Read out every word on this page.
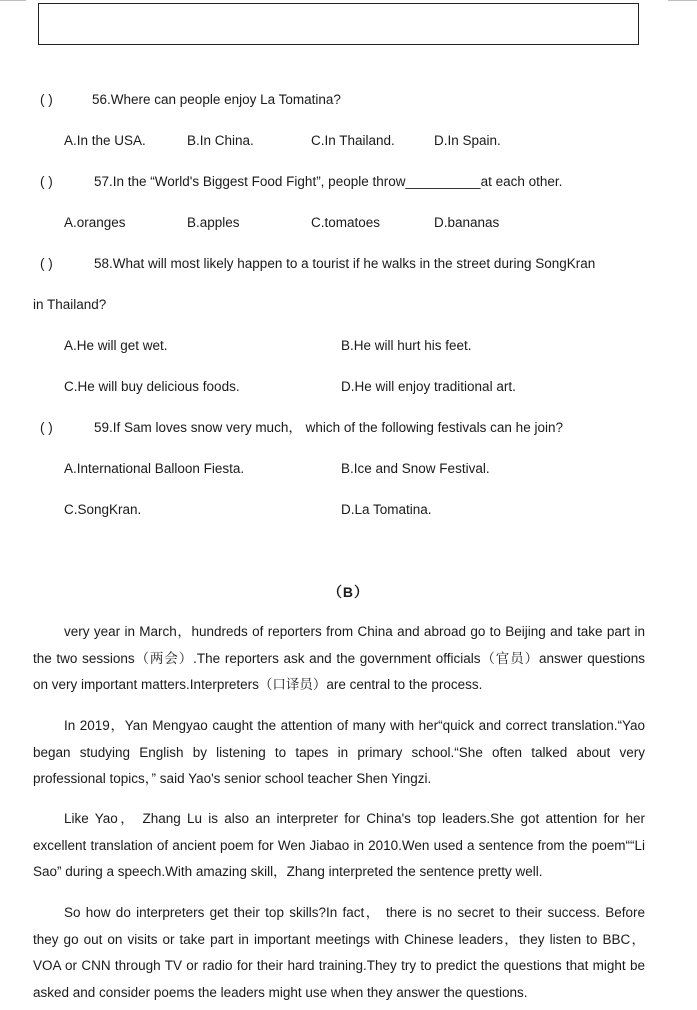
( )	56.Where can people enjoy La Tomatina?
A.In the USA.	B.In China.	C.In Thailand.	D.In Spain.
( )	57.In the “World's Biggest Food Fight”, people throw__________at each other.
A.oranges	B.apples	C.tomatoes	D.bananas
( )	58.What will most likely happen to a tourist if he walks in the street during SongKran
in Thailand?
A.He will get wet.	B.He will hurt his feet.
C.He will buy delicious foods.	D.He will enjoy traditional art.
( )	59.If Sam loves snow very much， which of the following festivals can he join?
A.International Balloon Fiesta.	B.Ice and Snow Festival.
C.SongKran.	D.La Tomatina.
（B）

very year in March，hundreds of reporters from China and abroad go to Beijing and take part in the two sessions（两会）.The reporters ask and the government officials（官员）answer questions on very important matters.Interpreters（口译员）are central to the process.

In 2019，Yan Mengyao caught the attention of many with her“quick and correct translation.“Yao began studying English by listening to tapes in primary school.“She often talked about very professional topics，” said Yao's senior school teacher Shen Yingzi.

Like Yao， Zhang Lu is also an interpreter for China's top leaders.She got attention for her excellent translation of ancient poem for Wen Jiabao in 2010.Wen used a sentence from the poem““Li Sao” during a speech.With amazing skill，Zhang interpreted the sentence pretty well.

So how do interpreters get their top skills?In fact， there is no secret to their success. Before they go out on visits or take part in important meetings with Chinese leaders，they listen to BBC，VOA or CNN through TV or radio for their hard training.They try to predict the questions that might be asked and consider poems the leaders might use when they answer the questions.
